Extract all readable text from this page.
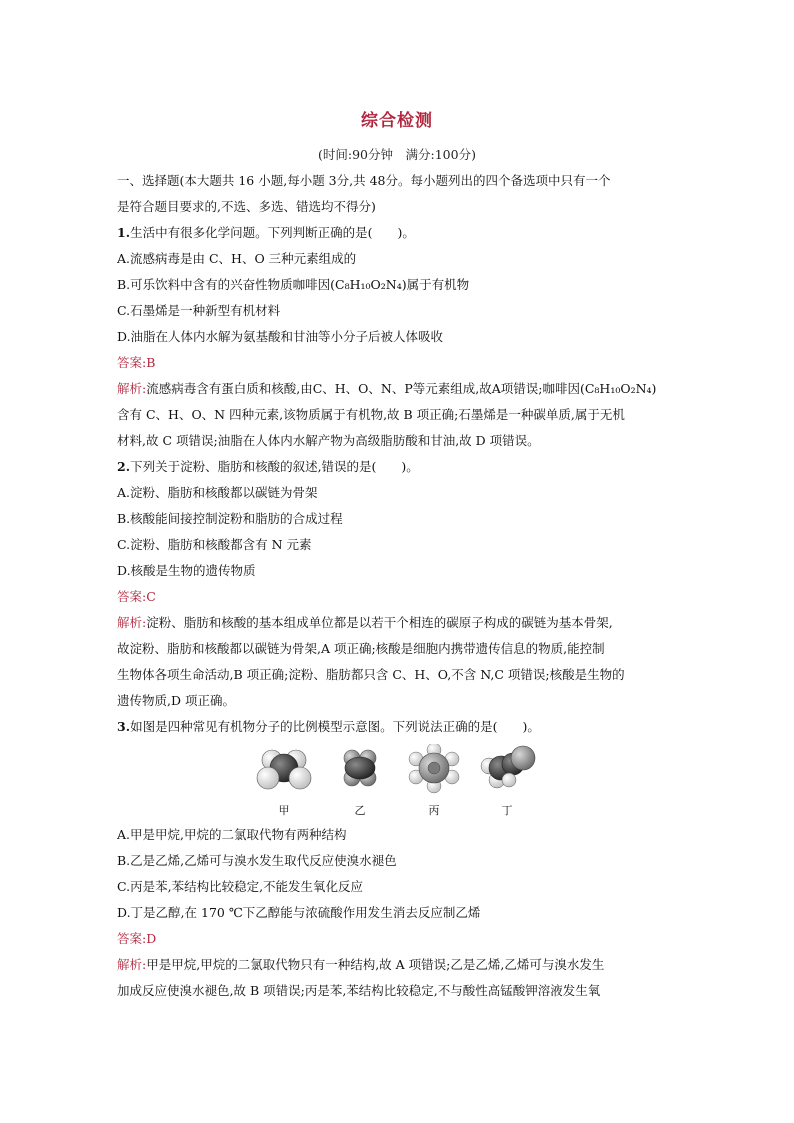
综合检测
(时间:90分钟　满分:100分)
一、选择题(本大题共 16 小题,每小题 3分,共 48分。每小题列出的四个备选项中只有一个
是符合题目要求的,不选、多选、错选均不得分)
1.生活中有很多化学问题。下列判断正确的是(　　)。
A.流感病毒是由 C、H、O 三种元素组成的
B.可乐饮料中含有的兴奋性物质咖啡因(C₈H₁₀O₂N₄)属于有机物
C.石墨烯是一种新型有机材料
D.油脂在人体内水解为氨基酸和甘油等小分子后被人体吸收
答案:B
解析:流感病毒含有蛋白质和核酸,由C、H、O、N、P等元素组成,故A项错误;咖啡因(C₈H₁₀O₂N₄)
含有 C、H、O、N 四种元素,该物质属于有机物,故 B 项正确;石墨烯是一种碳单质,属于无机
材料,故 C 项错误;油脂在人体内水解产物为高级脂肪酸和甘油,故 D 项错误。
2.下列关于淀粉、脂肪和核酸的叙述,错误的是(　　)。
A.淀粉、脂肪和核酸都以碳链为骨架
B.核酸能间接控制淀粉和脂肪的合成过程
C.淀粉、脂肪和核酸都含有 N 元素
D.核酸是生物的遗传物质
答案:C
解析:淀粉、脂肪和核酸的基本组成单位都是以若干个相连的碳原子构成的碳链为基本骨架,
故淀粉、脂肪和核酸都以碳链为骨架,A 项正确;核酸是细胞内携带遗传信息的物质,能控制
生物体各项生命活动,B 项正确;淀粉、脂肪都只含 C、H、O,不含 N,C 项错误;核酸是生物的
遗传物质,D 项正确。
3.如图是四种常见有机物分子的比例模型示意图。下列说法正确的是(　　)。
甲	乙	丙	丁
A.甲是甲烷,甲烷的二氯取代物有两种结构
B.乙是乙烯,乙烯可与溴水发生取代反应使溴水褪色
C.丙是苯,苯结构比较稳定,不能发生氧化反应
D.丁是乙醇,在 170 ℃下乙醇能与浓硫酸作用发生消去反应制乙烯
答案:D
解析:甲是甲烷,甲烷的二氯取代物只有一种结构,故 A 项错误;乙是乙烯,乙烯可与溴水发生
加成反应使溴水褪色,故 B 项错误;丙是苯,苯结构比较稳定,不与酸性高锰酸钾溶液发生氧
